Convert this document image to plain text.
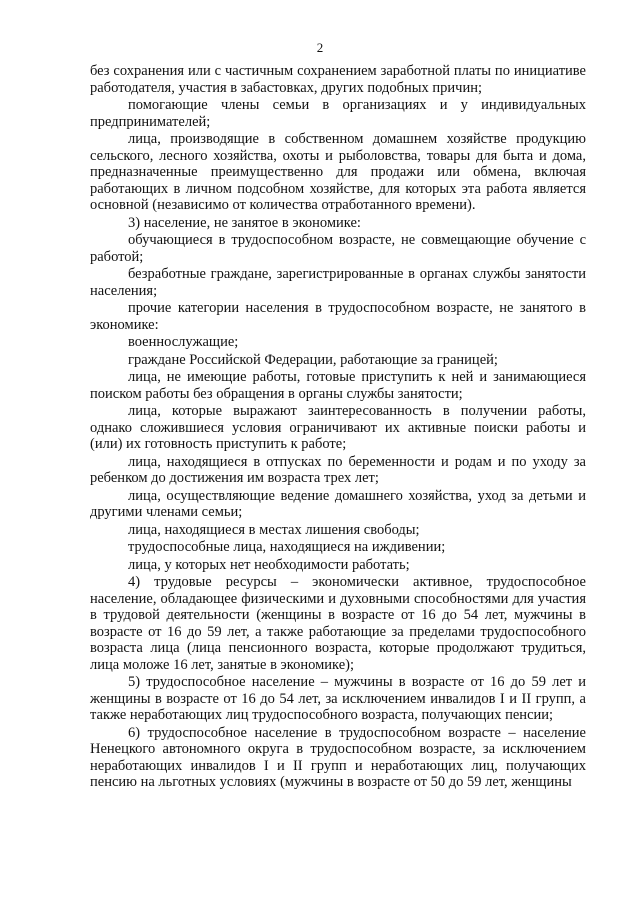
2

без сохранения или с частичным сохранением заработной платы по инициативе работодателя, участия в забастовках, других подобных причин;

помогающие члены семьи в организациях и у индивидуальных предпринимателей;

лица, производящие в собственном домашнем хозяйстве продукцию сельского, лесного хозяйства, охоты и рыболовства, товары для быта и дома, предназначенные преимущественно для продажи или обмена, включая работающих в личном подсобном хозяйстве, для которых эта работа является основной (независимо от количества отработанного времени).

3) население, не занятое в экономике:

обучающиеся в трудоспособном возрасте, не совмещающие обучение с работой;

безработные граждане, зарегистрированные в органах службы занятости населения;

прочие категории населения в трудоспособном возрасте, не занятого в экономике:

военнослужащие;

граждане Российской Федерации, работающие за границей;

лица, не имеющие работы, готовые приступить к ней и занимающиеся поиском работы без обращения в органы службы занятости;

лица, которые выражают заинтересованность в получении работы, однако сложившиеся условия ограничивают их активные поиски работы и (или) их готовность приступить к работе;

лица, находящиеся в отпусках по беременности и родам и по уходу за ребенком до достижения им возраста трех лет;

лица, осуществляющие ведение домашнего хозяйства, уход за детьми и другими членами семьи;

лица, находящиеся в местах лишения свободы;

трудоспособные лица, находящиеся на иждивении;

лица, у которых нет необходимости работать;

4) трудовые ресурсы – экономически активное, трудоспособное население, обладающее физическими и духовными способностями для участия в трудовой деятельности (женщины в возрасте от 16 до 54 лет, мужчины в возрасте от 16 до 59 лет, а также работающие за пределами трудоспособного возраста лица (лица пенсионного возраста, которые продолжают трудиться, лица моложе 16 лет, занятые в экономике);

5) трудоспособное население – мужчины в возрасте от 16 до 59 лет и женщины в возрасте от 16 до 54 лет, за исключением инвалидов I и II групп, а также неработающих лиц трудоспособного возраста, получающих пенсии;

6) трудоспособное население в трудоспособном возрасте – население Ненецкого автономного округа в трудоспособном возрасте, за исключением неработающих инвалидов I и II групп и неработающих лиц, получающих пенсию на льготных условиях (мужчины в возрасте от 50 до 59 лет, женщины
